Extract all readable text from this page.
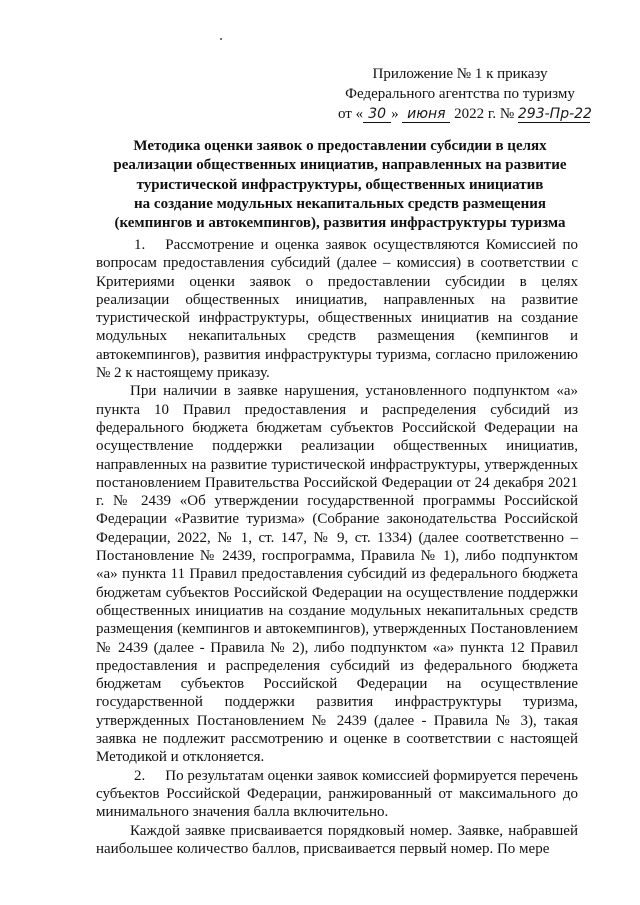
Приложение № 1 к приказу
Федерального агентства по туризму
от « 30 » июня 2022 г. № 293-Пр-22
Методика оценки заявок о предоставлении субсидии в целях
реализации общественных инициатив, направленных на развитие
туристической инфраструктуры, общественных инициатив
на создание модульных некапитальных средств размещения
(кемпингов и автокемпингов), развития инфраструктуры туризма

1. Рассмотрение и оценка заявок осуществляются Комиссией по вопросам предоставления субсидий (далее – комиссия) в соответствии с Критериями оценки заявок о предоставлении субсидии в целях реализации общественных инициатив, направленных на развитие туристической инфраструктуры, общественных инициатив на создание модульных некапитальных средств размещения (кемпингов и автокемпингов), развития инфраструктуры туризма, согласно приложению № 2 к настоящему приказу.

При наличии в заявке нарушения, установленного подпунктом «а» пункта 10 Правил предоставления и распределения субсидий из федерального бюджета бюджетам субъектов Российской Федерации на осуществление поддержки реализации общественных инициатив, направленных на развитие туристической инфраструктуры, утвержденных постановлением Правительства Российской Федерации от 24 декабря 2021 г. № 2439 «Об утверждении государственной программы Российской Федерации «Развитие туризма» (Собрание законодательства Российской Федерации, 2022, № 1, ст. 147, № 9, ст. 1334) (далее соответственно – Постановление № 2439, госпрограмма, Правила № 1), либо подпунктом «а» пункта 11 Правил предоставления субсидий из федерального бюджета бюджетам субъектов Российской Федерации на осуществление поддержки общественных инициатив на создание модульных некапитальных средств размещения (кемпингов и автокемпингов), утвержденных Постановлением № 2439 (далее - Правила № 2), либо подпунктом «а» пункта 12 Правил предоставления и распределения субсидий из федерального бюджета бюджетам субъектов Российской Федерации на осуществление государственной поддержки развития инфраструктуры туризма, утвержденных Постановлением № 2439 (далее - Правила № 3), такая заявка не подлежит рассмотрению и оценке в соответствии с настоящей Методикой и отклоняется.

2. По результатам оценки заявок комиссией формируется перечень субъектов Российской Федерации, ранжированный от максимального до минимального значения балла включительно.

Каждой заявке присваивается порядковый номер. Заявке, набравшей наибольшее количество баллов, присваивается первый номер. По мере
